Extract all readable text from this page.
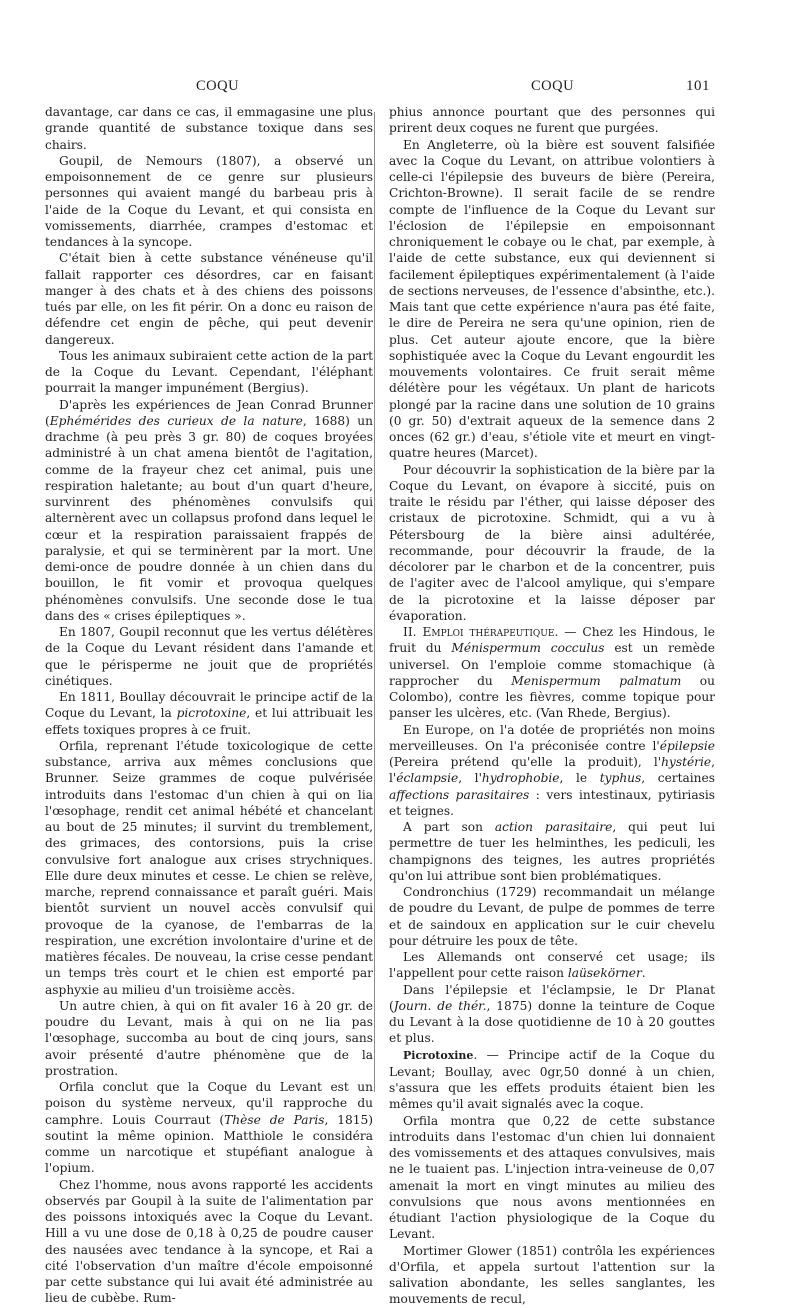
COQU	COQU	101

davantage, car dans ce cas, il emmagasine une plus grande quantité de substance toxique dans ses chairs.

Goupil, de Nemours (1807), a observé un empoisonnement de ce genre sur plusieurs personnes qui avaient mangé du barbeau pris à l'aide de la Coque du Levant, et qui consista en vomissements, diarrhée, crampes d'estomac et tendances à la syncope.

C'était bien à cette substance vénéneuse qu'il fallait rapporter ces désordres, car en faisant manger à des chats et à des chiens des poissons tués par elle, on les fit périr. On a donc eu raison de défendre cet engin de pêche, qui peut devenir dangereux.

Tous les animaux subiraient cette action de la part de la Coque du Levant. Cependant, l'éléphant pourrait la manger impunément (Bergius).

D'après les expériences de Jean Conrad Brunner (Ephémérides des curieux de la nature, 1688) un drachme (à peu près 3 gr. 80) de coques broyées administré à un chat amena bientôt de l'agitation, comme de la frayeur chez cet animal, puis une respiration haletante; au bout d'un quart d'heure, survinrent des phénomènes convulsifs qui alternèrent avec un collapsus profond dans lequel le cœur et la respiration paraissaient frappés de paralysie, et qui se terminèrent par la mort. Une demi-once de poudre donnée à un chien dans du bouillon, le fit vomir et provoqua quelques phénomènes convulsifs. Une seconde dose le tua dans des « crises épileptiques ».

En 1807, Goupil reconnut que les vertus délétères de la Coque du Levant résident dans l'amande et que le périsperme ne jouit que de propriétés cinétiques.

En 1811, Boullay découvrait le principe actif de la Coque du Levant, la picrotoxine, et lui attribuait les effets toxiques propres à ce fruit.

Orfila, reprenant l'étude toxicologique de cette substance, arriva aux mêmes conclusions que Brunner. Seize grammes de coque pulvérisée introduits dans l'estomac d'un chien à qui on lia l'œsophage, rendit cet animal hébété et chancelant au bout de 25 minutes; il survint du tremblement, des grimaces, des contorsions, puis la crise convulsive fort analogue aux crises strychniques. Elle dure deux minutes et cesse. Le chien se relève, marche, reprend connaissance et paraît guéri. Mais bientôt survient un nouvel accès convulsif qui provoque de la cyanose, de l'embarras de la respiration, une excrétion involontaire d'urine et de matières fécales. De nouveau, la crise cesse pendant un temps très court et le chien est emporté par asphyxie au milieu d'un troisième accès.

Un autre chien, à qui on fit avaler 16 à 20 gr. de poudre du Levant, mais à qui on ne lia pas l'œsophage, succomba au bout de cinq jours, sans avoir présenté d'autre phénomène que de la prostration.

Orfila conclut que la Coque du Levant est un poison du système nerveux, qu'il rapproche du camphre. Louis Courraut (Thèse de Paris, 1815) soutint la même opinion. Matthiole le considéra comme un narcotique et stupéfiant analogue à l'opium.

Chez l'homme, nous avons rapporté les accidents observés par Goupil à la suite de l'alimentation par des poissons intoxiqués avec la Coque du Levant. Hill a vu une dose de 0,18 à 0,25 de poudre causer des nausées avec tendance à la syncope, et Rai a cité l'observation d'un maître d'école empoisonné par cette substance qui lui avait été administrée au lieu de cubèbe. Rum-

phius annonce pourtant que des personnes qui prirent deux coques ne furent que purgées.

En Angleterre, où la bière est souvent falsifiée avec la Coque du Levant, on attribue volontiers à celle-ci l'épilepsie des buveurs de bière (Pereira, Crichton-Browne). Il serait facile de se rendre compte de l'influence de la Coque du Levant sur l'éclosion de l'épilepsie en empoisonnant chroniquement le cobaye ou le chat, par exemple, à l'aide de cette substance, eux qui deviennent si facilement épileptiques expérimentalement (à l'aide de sections nerveuses, de l'essence d'absinthe, etc.). Mais tant que cette expérience n'aura pas été faite, le dire de Pereira ne sera qu'une opinion, rien de plus. Cet auteur ajoute encore, que la bière sophistiquée avec la Coque du Levant engourdit les mouvements volontaires. Ce fruit serait même délétère pour les végétaux. Un plant de haricots plongé par la racine dans une solution de 10 grains (0 gr. 50) d'extrait aqueux de la semence dans 2 onces (62 gr.) d'eau, s'étiole vite et meurt en vingt-quatre heures (Marcet).

Pour découvrir la sophistication de la bière par la Coque du Levant, on évapore à siccité, puis on traite le résidu par l'éther, qui laisse déposer des cristaux de picrotoxine. Schmidt, qui a vu à Pétersbourg de la bière ainsi adultérée, recommande, pour découvrir la fraude, de la décolorer par le charbon et de la concentrer, puis de l'agiter avec de l'alcool amylique, qui s'empare de la picrotoxine et la laisse déposer par évaporation.

II. Emploi thérapeutique. — Chez les Hindous, le fruit du Ménispermum cocculus est un remède universel. On l'emploie comme stomachique (à rapprocher du Menispermum palmatum ou Colombo), contre les fièvres, comme topique pour panser les ulcères, etc. (Van Rhede, Bergius).

En Europe, on l'a dotée de propriétés non moins merveilleuses. On l'a préconisée contre l'épilepsie (Pereira prétend qu'elle la produit), l'hystérie, l'éclampsie, l'hydrophobie, le typhus, certaines affections parasitaires : vers intestinaux, pytiriasis et teignes.

A part son action parasitaire, qui peut lui permettre de tuer les helminthes, les pediculi, les champignons des teignes, les autres propriétés qu'on lui attribue sont bien problématiques.

Condronchius (1729) recommandait un mélange de poudre du Levant, de pulpe de pommes de terre et de saindoux en application sur le cuir chevelu pour détruire les poux de tête.

Les Allemands ont conservé cet usage; ils l'appellent pour cette raison laüsekörner.

Dans l'épilepsie et l'éclampsie, le Dr Planat (Journ. de thér., 1875) donne la teinture de Coque du Levant à la dose quotidienne de 10 à 20 gouttes et plus.

Picrotoxine. — Principe actif de la Coque du Levant; Boullay, avec 0gr,50 donné à un chien, s'assura que les effets produits étaient bien les mêmes qu'il avait signalés avec la coque.

Orfila montra que 0,22 de cette substance introduits dans l'estomac d'un chien lui donnaient des vomissements et des attaques convulsives, mais ne le tuaient pas. L'injection intra-veineuse de 0,07 amenait la mort en vingt minutes au milieu des convulsions que nous avons mentionnées en étudiant l'action physiologique de la Coque du Levant.

Mortimer Glower (1851) contrôla les expériences d'Orfila, et appela surtout l'attention sur la salivation abondante, les selles sanglantes, les mouvements de recul,
